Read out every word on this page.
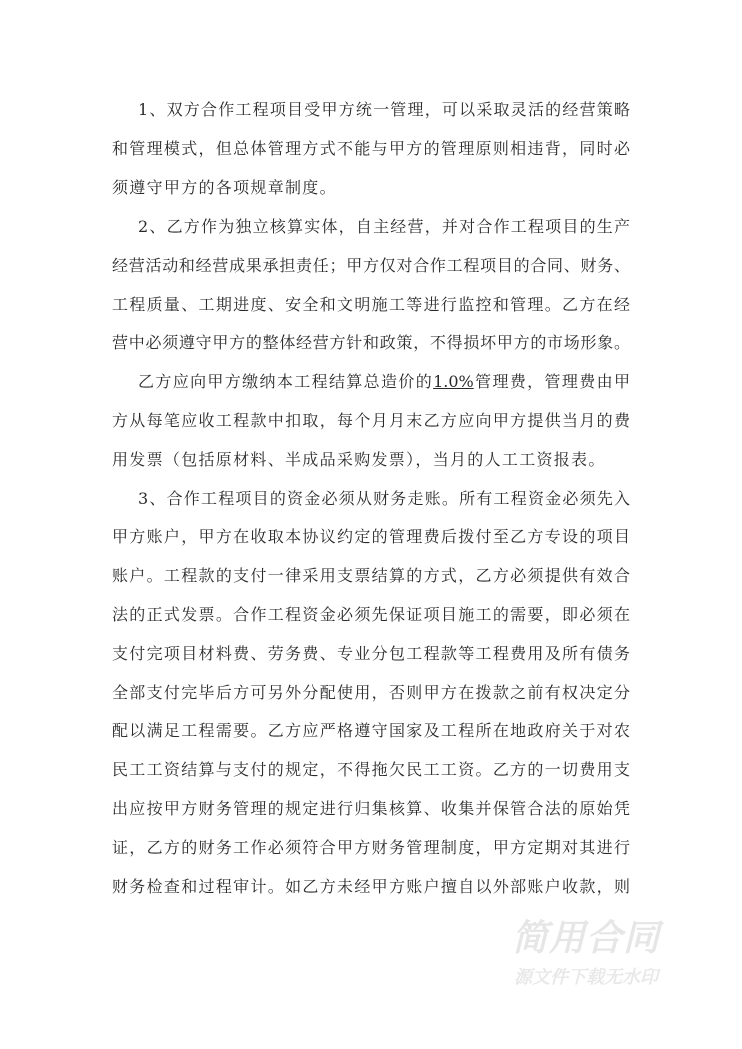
1、双方合作工程项目受甲方统一管理，可以采取灵活的经营策略
和管理模式，但总体管理方式不能与甲方的管理原则相违背，同时必
须遵守甲方的各项规章制度。
2、乙方作为独立核算实体，自主经营，并对合作工程项目的生产
经营活动和经营成果承担责任；甲方仅对合作工程项目的合同、财务、
工程质量、工期进度、安全和文明施工等进行监控和管理。乙方在经
营中必须遵守甲方的整体经营方针和政策，不得损坏甲方的市场形象。
乙方应向甲方缴纳本工程结算总造价的1.0%管理费，管理费由甲
方从每笔应收工程款中扣取，每个月月末乙方应向甲方提供当月的费
用发票（包括原材料、半成品采购发票），当月的人工工资报表。
3、合作工程项目的资金必须从财务走账。所有工程资金必须先入
甲方账户，甲方在收取本协议约定的管理费后拨付至乙方专设的项目
账户。工程款的支付一律采用支票结算的方式，乙方必须提供有效合
法的正式发票。合作工程资金必须先保证项目施工的需要，即必须在
支付完项目材料费、劳务费、专业分包工程款等工程费用及所有债务
全部支付完毕后方可另外分配使用，否则甲方在拨款之前有权决定分
配以满足工程需要。乙方应严格遵守国家及工程所在地政府关于对农
民工工资结算与支付的规定，不得拖欠民工工资。乙方的一切费用支
出应按甲方财务管理的规定进行归集核算、收集并保管合法的原始凭
证，乙方的财务工作必须符合甲方财务管理制度，甲方定期对其进行
财务检查和过程审计。如乙方未经甲方账户擅自以外部账户收款，则
简用合同
源文件下载无水印
